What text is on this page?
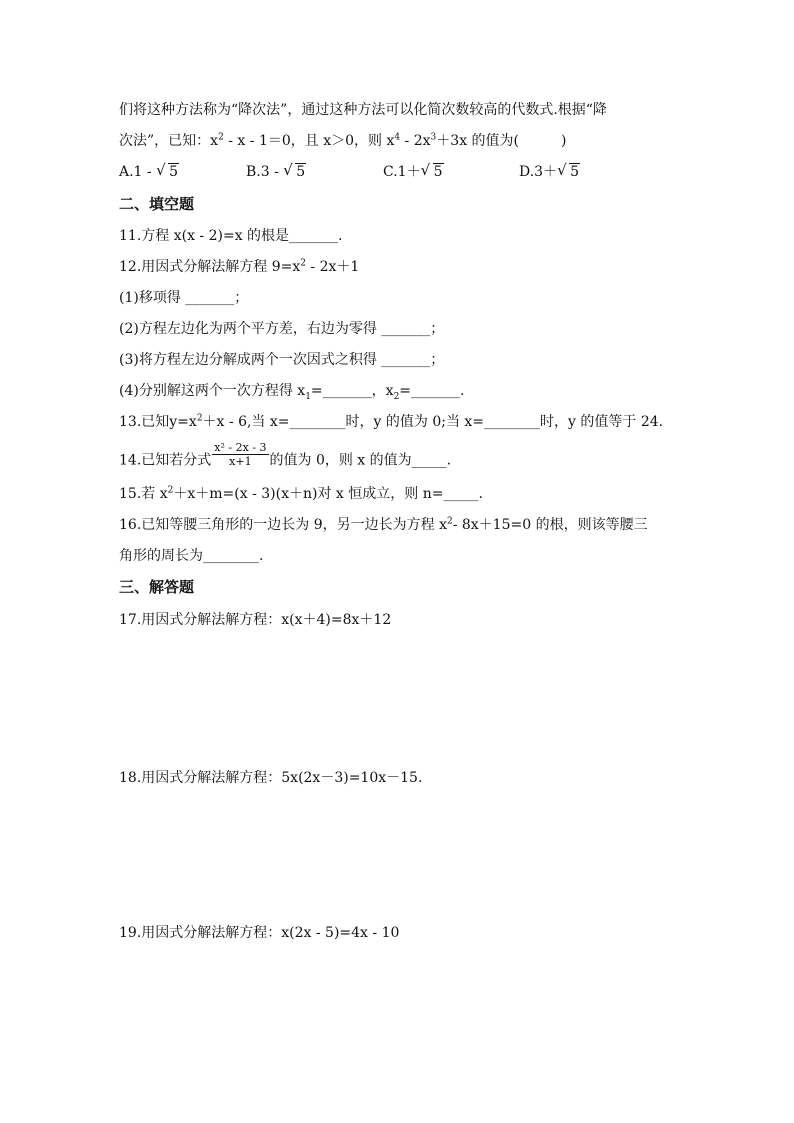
们将这种方法称为“降次法”，通过这种方法可以化简次数较高的代数式.根据“降
次法”，已知：$x^2 - x - 1=0$，且 x＞0，则 $x^4 - 2x^3+3x$ 的值为(　　　)
A.1 - √ 5	B.3 - √ 5	C.1＋ √ 5	D.3＋ √ 5
二、填空题
11.方程 x(x - 2)=x 的根是_______.
12.用因式分解法解方程 $9=x^2 - 2x+1$
(1)移项得 _______；
(2)方程左边化为两个平方差，右边为零得 _______；
(3)将方程左边分解成两个一次因式之积得 _______；
(4)分别解这两个一次方程得 $x_1=\_\_\_\_\_\_\_$，$x_2=\_\_\_\_\_\_\_$.
13.已知$y=x^2+x - 6$,当 x=________时，y 的值为 0;当 x=________时，y 的值等于 24.
14.已知若分式 $\frac{\text{x² - 2x - 3}}{x+1}$ 的值为 0，则 x 的值为_____.
15.若 $x^2+x+m=(x - 3)(x+n)$对 x 恒成立，则 n=_____.
16.已知等腰三角形的一边长为 9，另一边长为方程 $x^2-$ 8x＋15=0 的根，则该等腰三
角形的周长为________.
三、解答题
17.用因式分解法解方程：x(x＋4)=8x＋12
18.用因式分解法解方程：5x(2x－3)=10x－15.
19.用因式分解法解方程：x(2x - 5)=4x - 10
